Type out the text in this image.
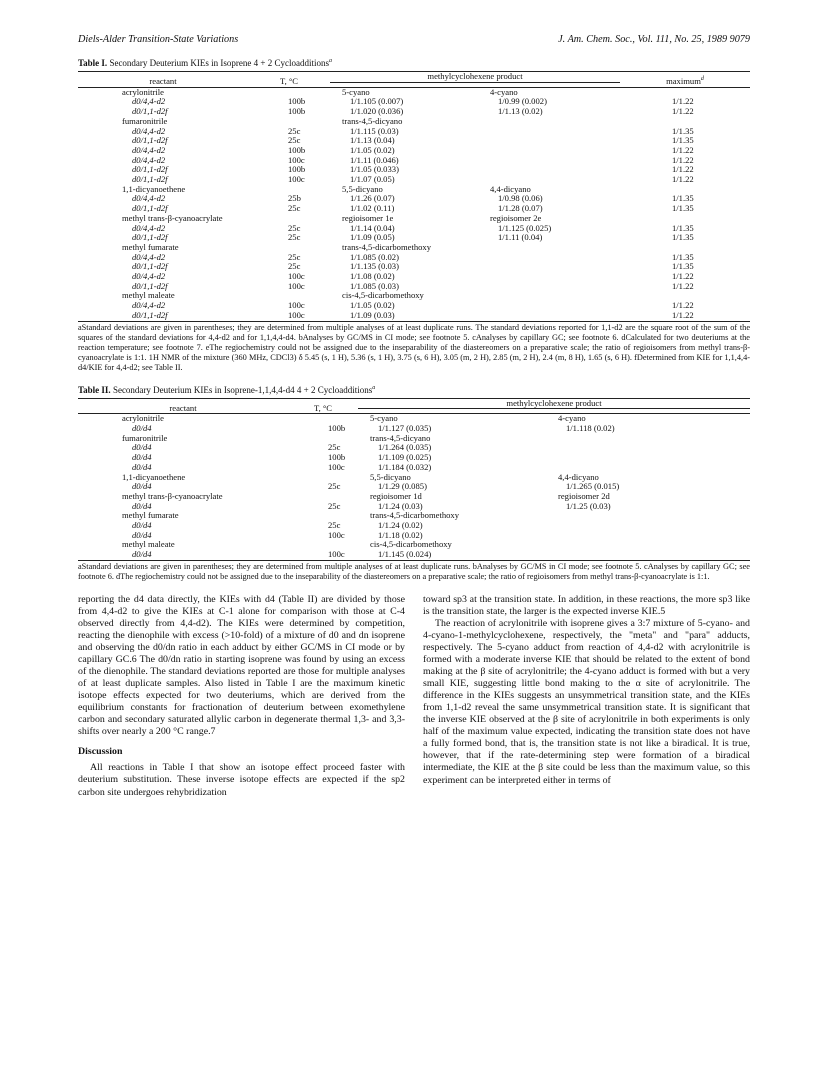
Diels-Alder Transition-State Variations	J. Am. Chem. Soc., Vol. 111, No. 25, 1989 9079
Table I. Secondary Deuterium KIEs in Isoprene 4 + 2 Cycloadditions$^a$
reactant	T, °C	methylcyclohexene product		maximum$^d$

acrylonitrile		5-cyano	4-cyano	
d0/4,4-d2	100b	1/1.105 (0.007)	1/0.99 (0.002)	1/1.22
d0/1,1-d2f	100b	1/1.020 (0.036)	1/1.13 (0.02)	1/1.22
fumaronitrile		trans-4,5-dicyano		
d0/4,4-d2	25c	1/1.115 (0.03)		1/1.35
d0/1,1-d2f	25c	1/1.13 (0.04)		1/1.35
d0/4,4-d2	100b	1/1.05 (0.02)		1/1.22
d0/4,4-d2	100c	1/1.11 (0.046)		1/1.22
d0/1,1-d2f	100b	1/1.05 (0.033)		1/1.22
d0/1,1-d2f	100c	1/1.07 (0.05)		1/1.22
1,1-dicyanoethene		5,5-dicyano	4,4-dicyano	
d0/4,4-d2	25b	1/1.26 (0.07)	1/0.98 (0.06)	1/1.35
d0/1,1-d2f	25c	1/1.02 (0.11)	1/1.28 (0.07)	1/1.35
methyl trans-β-cyanoacrylate		regioisomer 1e	regioisomer 2e	
d0/4,4-d2	25c	1/1.14 (0.04)	1/1.125 (0.025)	1/1.35
d0/1,1-d2f	25c	1/1.09 (0.05)	1/1.11 (0.04)	1/1.35
methyl fumarate		trans-4,5-dicarbomethoxy		
d0/4,4-d2	25c	1/1.085 (0.02)		1/1.35
d0/1,1-d2f	25c	1/1.135 (0.03)		1/1.35
d0/4,4-d2	100c	1/1.08 (0.02)		1/1.22
d0/1,1-d2f	100c	1/1.085 (0.03)		1/1.22
methyl maleate		cis-4,5-dicarbomethoxy		
d0/4,4-d2	100c	1/1.05 (0.02)		1/1.22
d0/1,1-d2f	100c	1/1.09 (0.03)		1/1.22
aStandard deviations are given in parentheses; they are determined from multiple analyses of at least duplicate runs. The standard deviations reported for 1,1-d2 are the square root of the sum of the squares of the standard deviations for 4,4-d2 and for 1,1,4,4-d4. bAnalyses by GC/MS in CI mode; see footnote 5. cAnalyses by capillary GC; see footnote 6. dCalculated for two deuteriums at the reaction temperature; see footnote 7. eThe regiochemistry could not be assigned due to the inseparability of the diastereomers on a preparative scale; the ratio of regioisomers from methyl trans-β-cyanoacrylate is 1:1. 1H NMR of the mixture (360 MHz, CDCl3) δ 5.45 (s, 1 H), 5.36 (s, 1 H), 3.75 (s, 6 H), 3.05 (m, 2 H), 2.85 (m, 2 H), 2.4 (m, 8 H), 1.65 (s, 6 H). fDetermined from KIE for 1,1,4,4-d4/KIE for 4,4-d2; see Table II.
Table II. Secondary Deuterium KIEs in Isoprene-1,1,4,4-d4 4 + 2 Cycloadditions$^a$
reactant	T, °C	methylcyclohexene product	

acrylonitrile		5-cyano	4-cyano
d0/d4	100b	1/1.127 (0.035)	1/1.118 (0.02)
fumaronitrile		trans-4,5-dicyano	
d0/d4	25c	1/1.264 (0.035)	
d0/d4	100b	1/1.109 (0.025)	
d0/d4	100c	1/1.184 (0.032)	
1,1-dicyanoethene		5,5-dicyano	4,4-dicyano
d0/d4	25c	1/1.29 (0.085)	1/1.265 (0.015)
methyl trans-β-cyanoacrylate		regioisomer 1d	regioisomer 2d
d0/d4	25c	1/1.24 (0.03)	1/1.25 (0.03)
methyl fumarate		trans-4,5-dicarbomethoxy	
d0/d4	25c	1/1.24 (0.02)	
d0/d4	100c	1/1.18 (0.02)	
methyl maleate		cis-4,5-dicarbomethoxy	
d0/d4	100c	1/1.145 (0.024)	
aStandard deviations are given in parentheses; they are determined from multiple analyses of at least duplicate runs. bAnalyses by GC/MS in CI mode; see footnote 5. cAnalyses by capillary GC; see footnote 6. dThe regiochemistry could not be assigned due to the inseparability of the diastereomers on a preparative scale; the ratio of regioisomers from methyl trans-β-cyanoacrylate is 1:1.

reporting the d4 data directly, the KIEs with d4 (Table II) are divided by those from 4,4-d2 to give the KIEs at C-1 alone for comparison with those at C-4 observed directly from 4,4-d2). The KIEs were determined by competition, reacting the dienophile with excess (>10-fold) of a mixture of d0 and dn isoprene and observing the d0/dn ratio in each adduct by either GC/MS in CI mode or by capillary GC.6 The d0/dn ratio in starting isoprene was found by using an excess of the dienophile. The standard deviations reported are those for multiple analyses of at least duplicate samples. Also listed in Table I are the maximum kinetic isotope effects expected for two deuteriums, which are derived from the equilibrium constants for fractionation of deuterium between exomethylene carbon and secondary saturated allylic carbon in degenerate thermal 1,3- and 3,3-shifts over nearly a 200 °C range.7

Discussion

All reactions in Table I that show an isotope effect proceed faster with deuterium substitution. These inverse isotope effects are expected if the sp2 carbon site undergoes rehybridization

toward sp3 at the transition state. In addition, in these reactions, the more sp3 like is the transition state, the larger is the expected inverse KIE.5

The reaction of acrylonitrile with isoprene gives a 3:7 mixture of 5-cyano- and 4-cyano-1-methylcyclohexene, respectively, the "meta" and "para" adducts, respectively. The 5-cyano adduct from reaction of 4,4-d2 with acrylonitrile is formed with a moderate inverse KIE that should be related to the extent of bond making at the β site of acrylonitrile; the 4-cyano adduct is formed with but a very small KIE, suggesting little bond making to the α site of acrylonitrile. The difference in the KIEs suggests an unsymmetrical transition state, and the KIEs from 1,1-d2 reveal the same unsymmetrical transition state. It is significant that the inverse KIE observed at the β site of acrylonitrile in both experiments is only half of the maximum value expected, indicating the transition state does not have a fully formed bond, that is, the transition state is not like a biradical. It is true, however, that if the rate-determining step were formation of a biradical intermediate, the KIE at the β site could be less than the maximum value, so this experiment can be interpreted either in terms of
